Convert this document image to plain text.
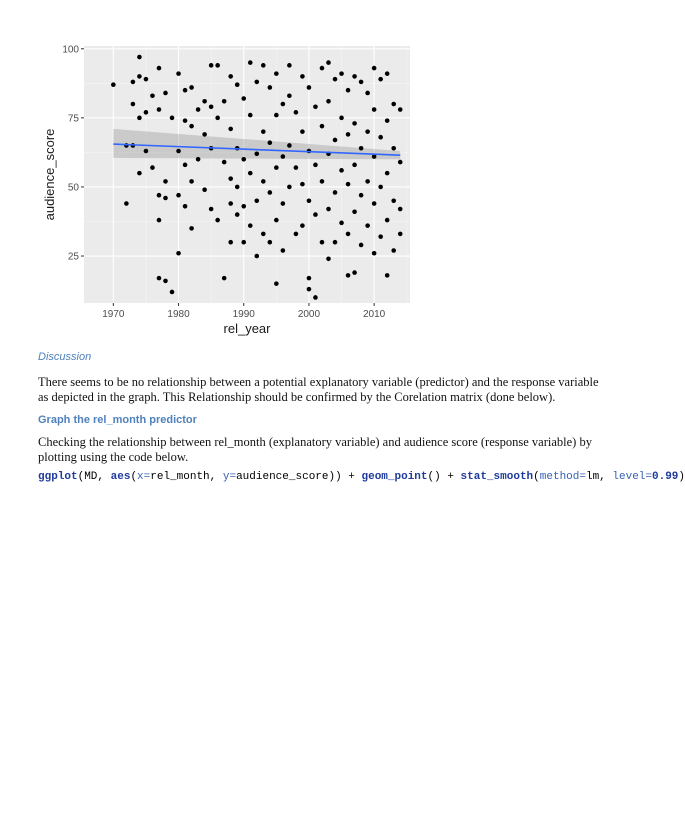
1970	1980	1990	2000	2010
25
50
75
100
rel_year
audience_score
Discussion
There seems to be no relationship between a potential explanatory variable (predictor) and the response variable as depicted in the graph. This Relationship should be confirmed by the Corelation matrix (done below).
Graph the rel_month predictor
Checking the relationship between rel_month (explanatory variable) and audience score (response variable) by plotting using the code below.
ggplot(MD, aes(x=rel_month, y=audience_score)) + geom_point() + stat_smooth(method=lm, level=0.99)
